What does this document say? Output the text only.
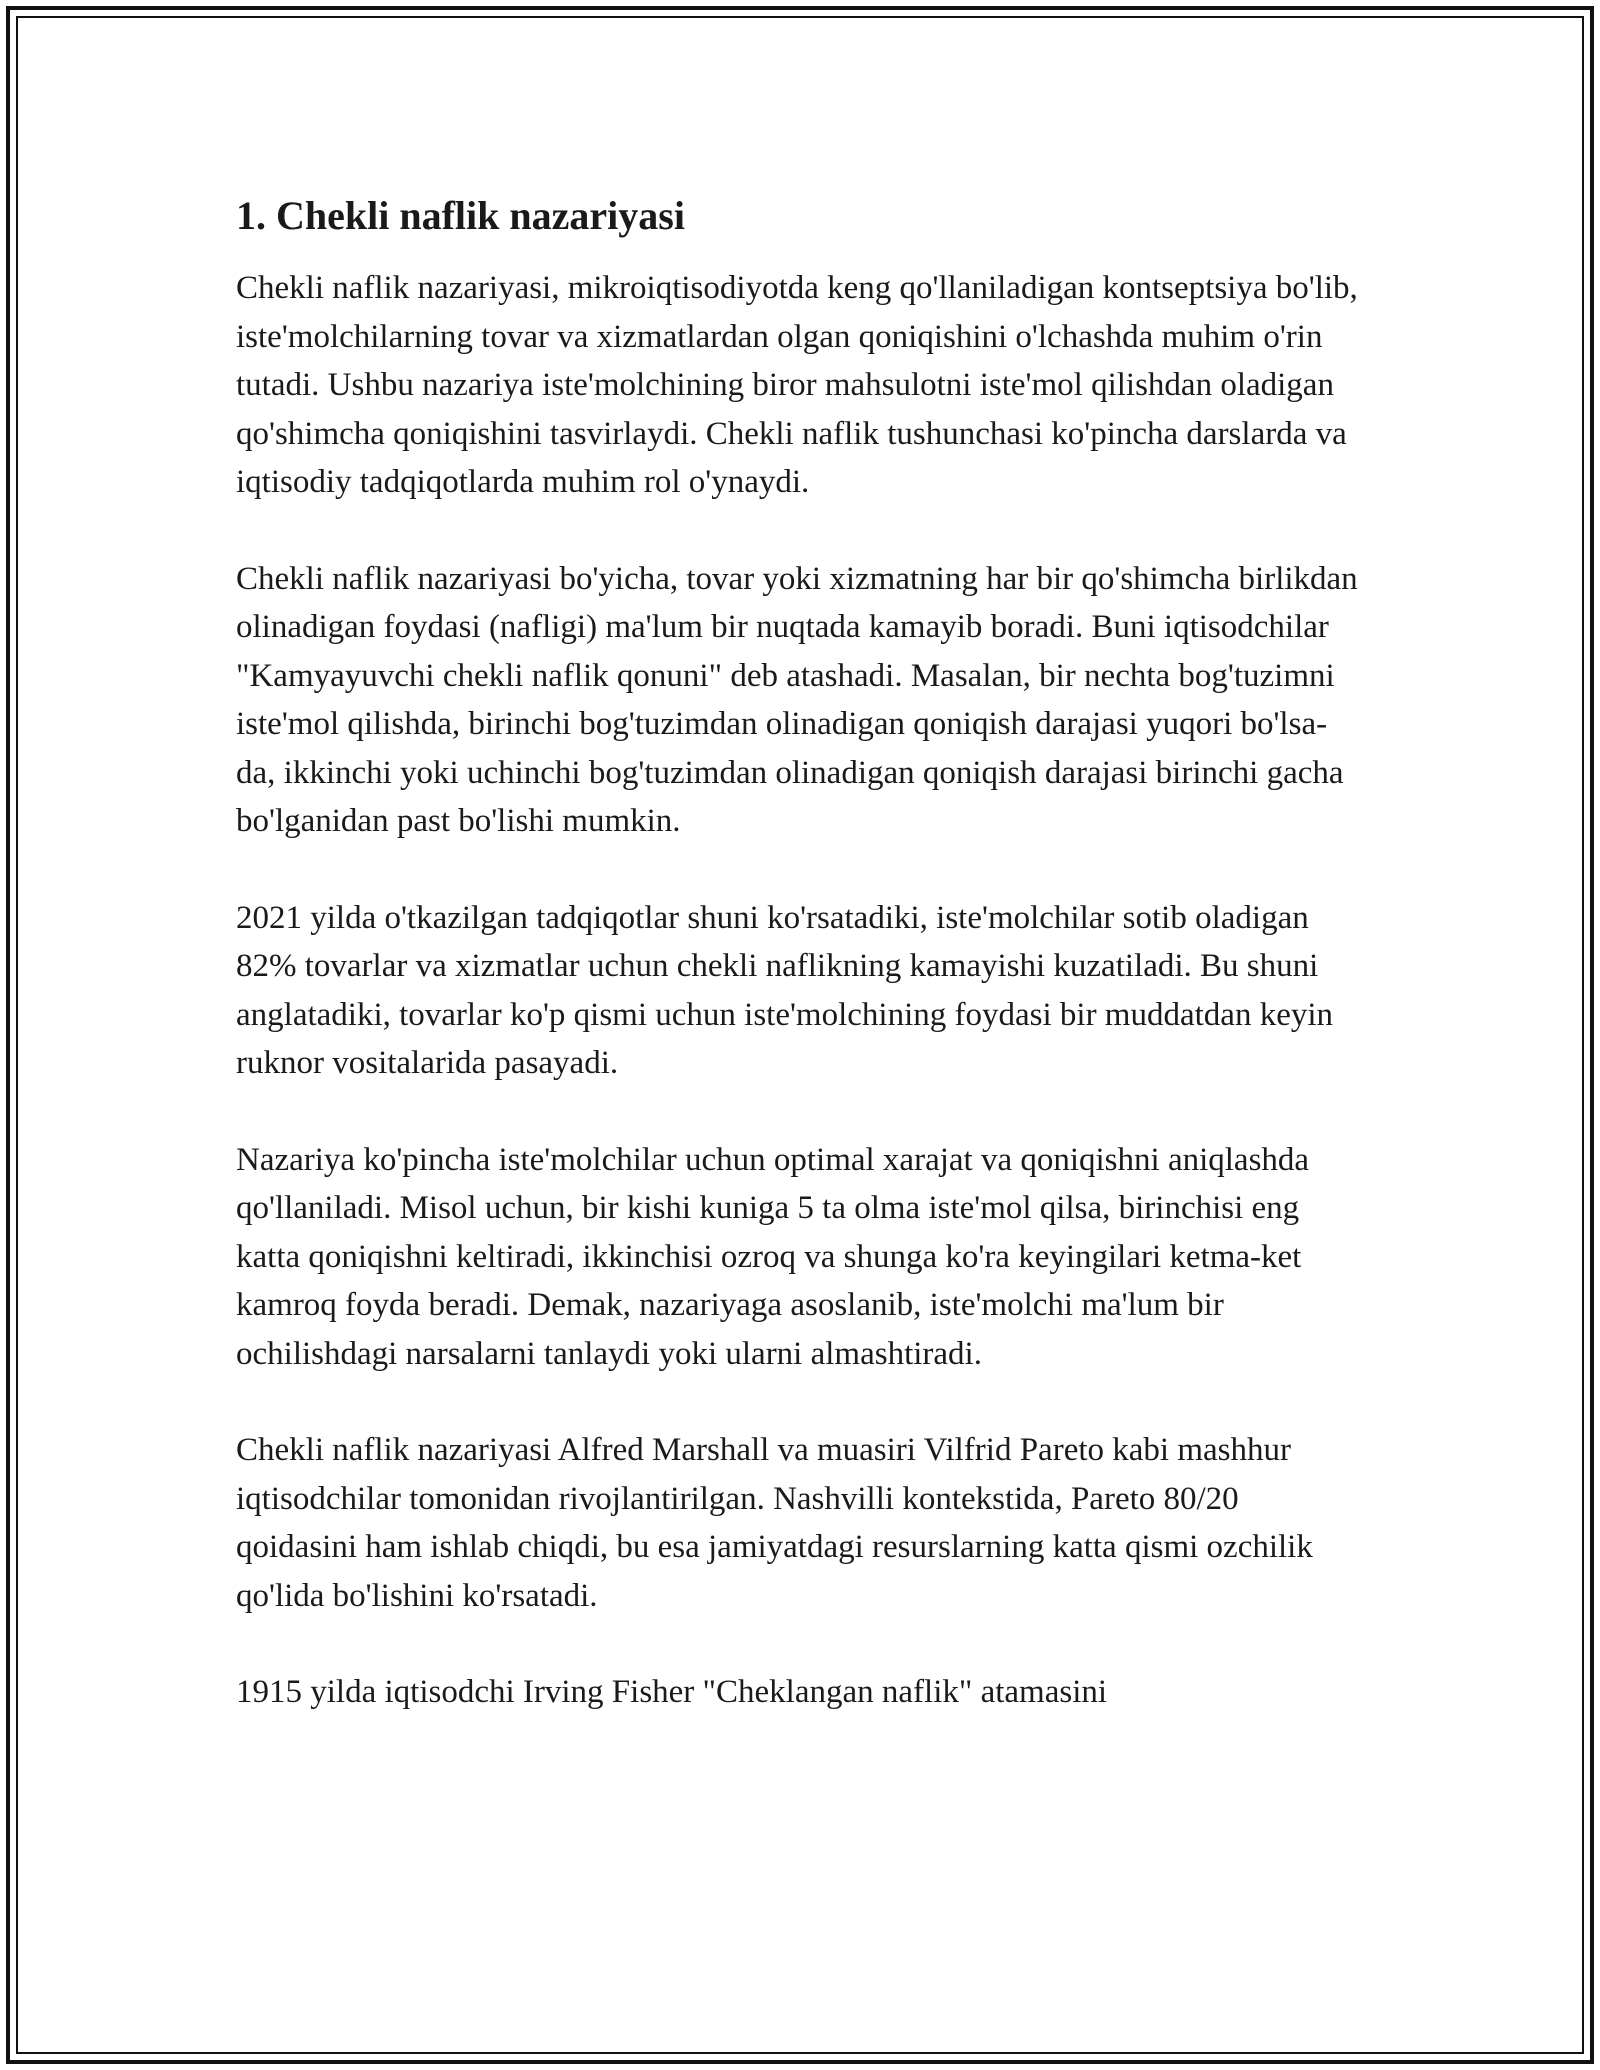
1. Chekli naflik nazariyasi

Chekli naflik nazariyasi, mikroiqtisodiyotda keng qo'llaniladigan kontseptsiya bo'lib, iste'molchilarning tovar va xizmatlardan olgan qoniqishini o'lchashda muhim o'rin tutadi. Ushbu nazariya iste'molchining biror mahsulotni iste'mol qilishdan oladigan qo'shimcha qoniqishini tasvirlaydi. Chekli naflik tushunchasi ko'pincha darslarda va iqtisodiy tadqiqotlarda muhim rol o'ynaydi.

Chekli naflik nazariyasi bo'yicha, tovar yoki xizmatning har bir qo'shimcha birlikdan olinadigan foydasi (nafligi) ma'lum bir nuqtada kamayib boradi. Buni iqtisodchilar "Kamyayuvchi chekli naflik qonuni" deb atashadi. Masalan, bir nechta bog'tuzimni iste'mol qilishda, birinchi bog'tuzimdan olinadigan qoniqish darajasi yuqori bo'lsa-da, ikkinchi yoki uchinchi bog'tuzimdan olinadigan qoniqish darajasi birinchi gacha bo'lganidan past bo'lishi mumkin.

2021 yilda o'tkazilgan tadqiqotlar shuni ko'rsatadiki, iste'molchilar sotib oladigan 82% tovarlar va xizmatlar uchun chekli naflikning kamayishi kuzatiladi. Bu shuni anglatadiki, tovarlar ko'p qismi uchun iste'molchining foydasi bir muddatdan keyin ruknor vositalarida pasayadi.

Nazariya ko'pincha iste'molchilar uchun optimal xarajat va qoniqishni aniqlashda qo'llaniladi. Misol uchun, bir kishi kuniga 5 ta olma iste'mol qilsa, birinchisi eng katta qoniqishni keltiradi, ikkinchisi ozroq va shunga ko'ra keyingilari ketma-ket kamroq foyda beradi. Demak, nazariyaga asoslanib, iste'molchi ma'lum bir ochilishdagi narsalarni tanlaydi yoki ularni almashtiradi.

Chekli naflik nazariyasi Alfred Marshall va muasiri Vilfrid Pareto kabi mashhur iqtisodchilar tomonidan rivojlantirilgan. Nashvilli kontekstida, Pareto 80/20 qoidasini ham ishlab chiqdi, bu esa jamiyatdagi resurslarning katta qismi ozchilik qo'lida bo'lishini ko'rsatadi.

1915 yilda iqtisodchi Irving Fisher "Cheklangan naflik" atamasini
